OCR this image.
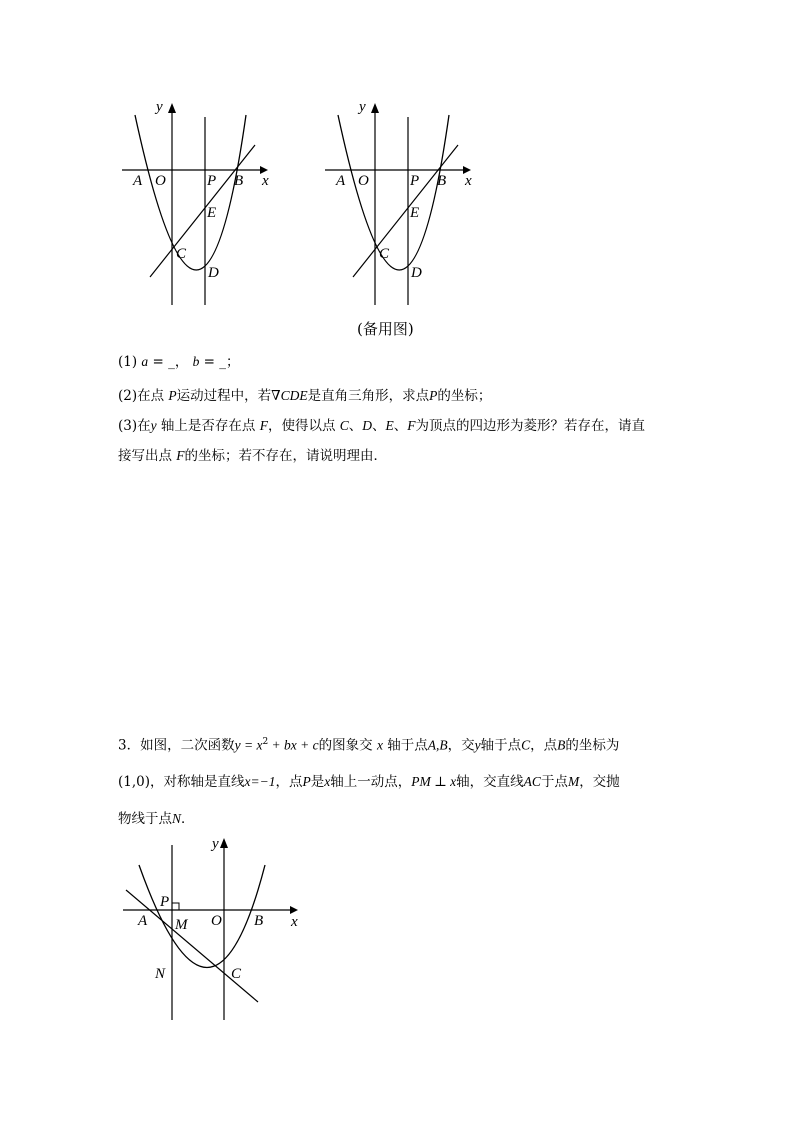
y
x
A O	P B
E
C
D
y
x
A O	P B
E
C
D
(备用图)
(1) a = _， b = _；
(2)在点 P运动过程中，若∇CDE是直角三角形，求点P的坐标；
(3)在y 轴上是否存在点 F，使得以点 C、D、E、F为顶点的四边形为菱形？若存在，请直
接写出点 F的坐标；若不存在，请说明理由．
3．如图，二次函数$y = x^2$ + bx + c的图象交 x 轴于点A,B，交y轴于点C，点B的坐标为
(1,0)，对称轴是直线x=−1，点P是x轴上一动点，PM ⊥ x轴，交直线AC于点M，交抛
物线于点N．
y
x
P
A M O B
N	C
